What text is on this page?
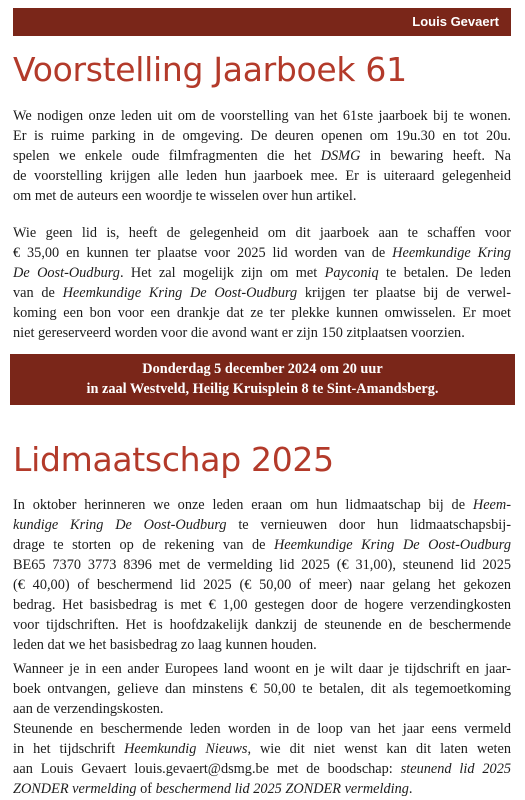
Louis Gevaert
Voorstelling Jaarboek 61

We nodigen onze leden uit om de voorstelling van het 61ste jaarboek bij te wonen.
Er is ruime parking in de omgeving. De deuren openen om 19u.30 en tot 20u.
spelen we enkele oude filmfragmenten die het DSMG in bewaring heeft. Na
de voorstelling krijgen alle leden hun jaarboek mee. Er is uiteraard gelegenheid
om met de auteurs een woordje te wisselen over hun artikel.

Wie geen lid is, heeft de gelegenheid om dit jaarboek aan te schaffen voor
€ 35,00 en kunnen ter plaatse voor 2025 lid worden van de Heemkundige Kring
De Oost-Oudburg. Het zal mogelijk zijn om met Payconiq te betalen. De leden
van de Heemkundige Kring De Oost-Oudburg krijgen ter plaatse bij de verwel-
koming een bon voor een drankje dat ze ter plekke kunnen omwisselen. Er moet
niet gereserveerd worden voor die avond want er zijn 150 zitplaatsen voorzien.

Donderdag 5 december 2024 om 20 uur
in zaal Westveld, Heilig Kruisplein 8 te Sint-Amandsberg.
Lidmaatschap 2025

In oktober herinneren we onze leden eraan om hun lidmaatschap bij de Heem-
kundige Kring De Oost-Oudburg te vernieuwen door hun lidmaatschapsbij-
drage te storten op de rekening van de Heemkundige Kring De Oost-Oudburg
BE65 7370 3773 8396 met de vermelding lid 2025 (€ 31,00), steunend lid 2025
(€ 40,00) of beschermend lid 2025 (€ 50,00 of meer) naar gelang het gekozen
bedrag. Het basisbedrag is met € 1,00 gestegen door de hogere verzendingkosten
voor tijdschriften. Het is hoofdzakelijk dankzij de steunende en de beschermende
leden dat we het basisbedrag zo laag kunnen houden.

Wanneer je in een ander Europees land woont en je wilt daar je tijdschrift en jaar-
boek ontvangen, gelieve dan minstens € 50,00 te betalen, dit als tegemoetkoming
aan de verzendingskosten.

Steunende en beschermende leden worden in de loop van het jaar eens vermeld
in het tijdschrift Heemkundig Nieuws, wie dit niet wenst kan dit laten weten
aan Louis Gevaert louis.gevaert@dsmg.be met de boodschap: steunend lid 2025
ZONDER vermelding of beschermend lid 2025 ZONDER vermelding.
